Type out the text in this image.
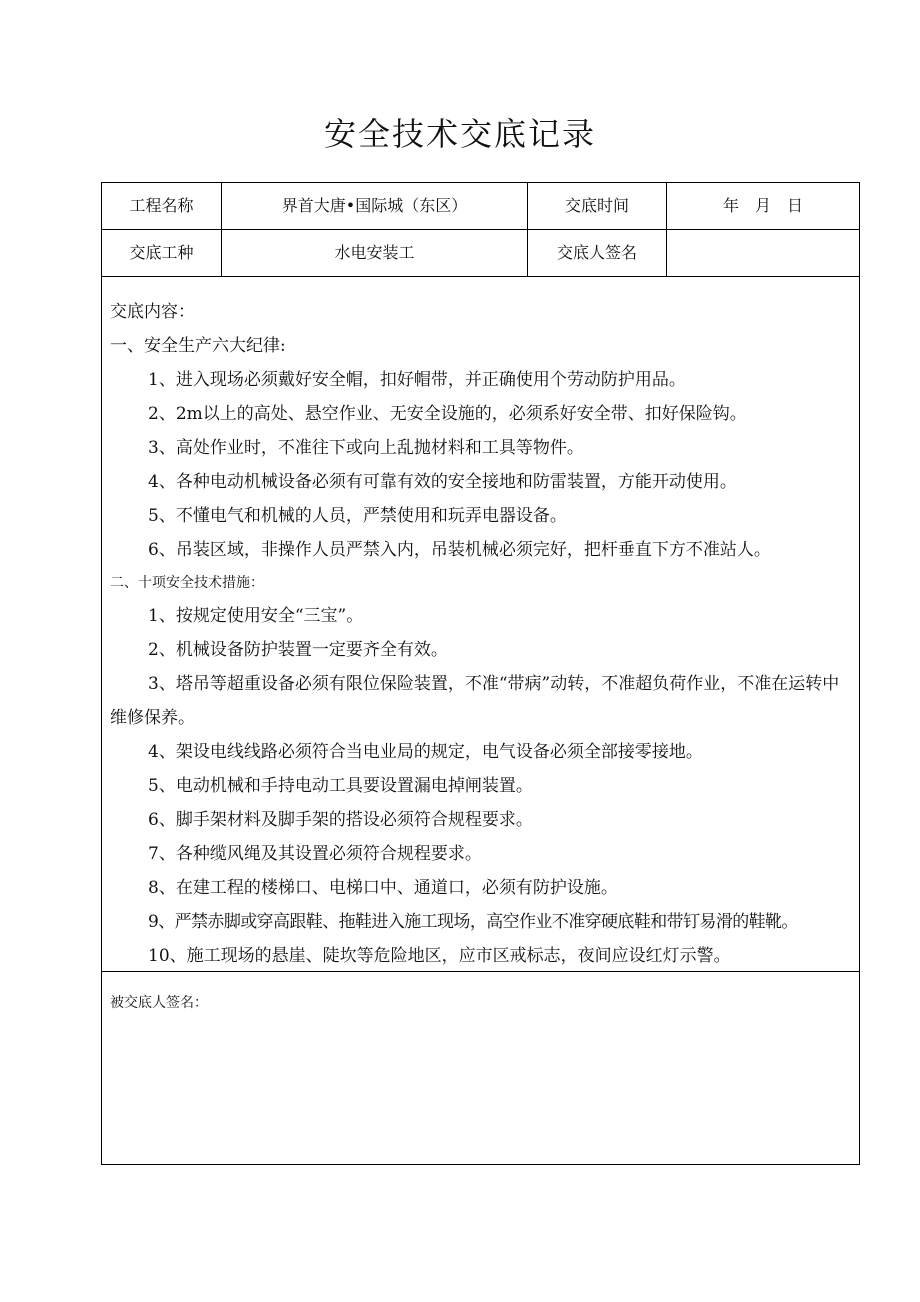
安全技术交底记录
工程名称	界首大唐•国际城（东区）	交底时间	年　月　日
交底工种	水电安装工	交底人签名

交底内容：

一、安全生产六大纪律:

1、进入现场必须戴好安全帽，扣好帽带，并正确使用个劳动防护用品。

2、2m以上的高处、悬空作业、无安全设施的，必须系好安全带、扣好保险钩。

3、高处作业时，不准往下或向上乱抛材料和工具等物件。

4、各种电动机械设备必须有可靠有效的安全接地和防雷装置，方能开动使用。

5、不懂电气和机械的人员，严禁使用和玩弄电器设备。

6、吊装区域，非操作人员严禁入内，吊装机械必须完好，把杆垂直下方不准站人。

二、十项安全技术措施：

1、按规定使用安全“三宝”。

2、机械设备防护装置一定要齐全有效。

3、塔吊等超重设备必须有限位保险装置，不准“带病”动转，不准超负荷作业，不准在运转中维修保养。

4、架设电线线路必须符合当电业局的规定，电气设备必须全部接零接地。

5、电动机械和手持电动工具要设置漏电掉闸装置。

6、脚手架材料及脚手架的搭设必须符合规程要求。

7、各种缆风绳及其设置必须符合规程要求。

8、在建工程的楼梯口、电梯口中、通道口，必须有防护设施。

9、严禁赤脚或穿高跟鞋、拖鞋进入施工现场，高空作业不准穿硬底鞋和带钉易滑的鞋靴。

10、施工现场的悬崖、陡坎等危险地区，应市区戒标志，夜间应设红灯示警。

被交底人签名：
